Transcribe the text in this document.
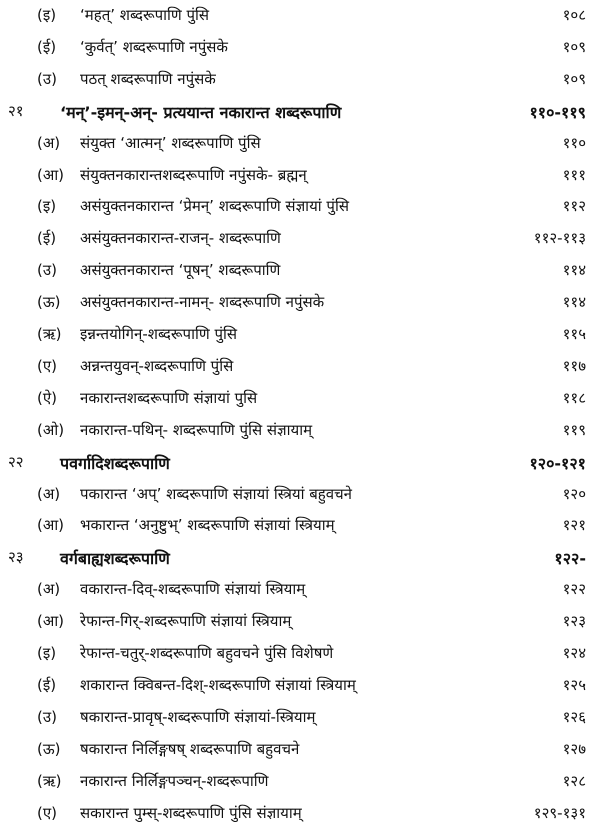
(इ) ‘महत्’ शब्दरूपाणि पुंसि	१०८
(ई) ‘कुर्वत्’ शब्दरूपाणि नपुंसके	१०९
(उ) पठत् शब्दरूपाणि नपुंसके	१०९
२१ ‘मन्’-इमन्-अन्- प्रत्ययान्त नकारान्त शब्दरूपाणि	११०-११९
(अ) संयुक्त ‘आत्मन्’ शब्दरूपाणि पुंसि	११०
(आ) संयुक्तनकारान्तशब्दरूपाणि नपुंसके- ब्रह्मन्	१११
(इ) असंयुक्तनकारान्त ‘प्रेमन्’ शब्दरूपाणि संज्ञायां पुंसि	११२
(ई) असंयुक्तनकारान्त-राजन्- शब्दरूपाणि	११२-११३
(उ) असंयुक्तनकारान्त ‘पूषन्’ शब्दरूपाणि	११४
(ऊ) असंयुक्तनकारान्त-नामन्- शब्दरूपाणि नपुंसके	११४
(ऋ) इन्नन्तयोगिन्-शब्दरूपाणि पुंसि	११५
(ए) अन्नन्तयुवन्-शब्दरूपाणि पुंसि	११७
(ऐ) नकारान्तशब्दरूपाणि संज्ञायां पुसि	११८
(ओ) नकारान्त-पथिन्- शब्दरूपाणि पुंसि संज्ञायाम्	११९
२२ पवर्गादिशब्दरूपाणि	१२०-१२१
(अ) पकारान्त ‘अप्’ शब्दरूपाणि संज्ञायां स्त्रियां बहुवचने	१२०
(आ) भकारान्त ‘अनुष्टुभ्’ शब्दरूपाणि संज्ञायां स्त्रियाम्	१२१
२३ वर्गबाह्यशब्दरूपाणि	१२२-
(अ) वकारान्त-दिव्-शब्दरूपाणि संज्ञायां स्त्रियाम्	१२२
(आ) रेफान्त-गिर्-शब्दरूपाणि संज्ञायां स्त्रियाम्	१२३
(इ) रेफान्त-चतुर्-शब्दरूपाणि बहुवचने पुंसि विशेषणे	१२४
(ई) शकारान्त क्विबन्त-दिश्-शब्दरूपाणि संज्ञायां स्त्रियाम्	१२५
(उ) षकारान्त-प्रावृष्-शब्दरूपाणि संज्ञायां-स्त्रियाम्	१२६
(ऊ) षकारान्त निर्लिङ्गषष् शब्दरूपाणि बहुवचने	१२७
(ऋ) नकारान्त निर्लिङ्गपञ्चन्-शब्दरूपाणि	१२८
(ए) सकारान्त पुम्स्-शब्दरूपाणि पुंसि संज्ञायाम्	१२९-१३१
